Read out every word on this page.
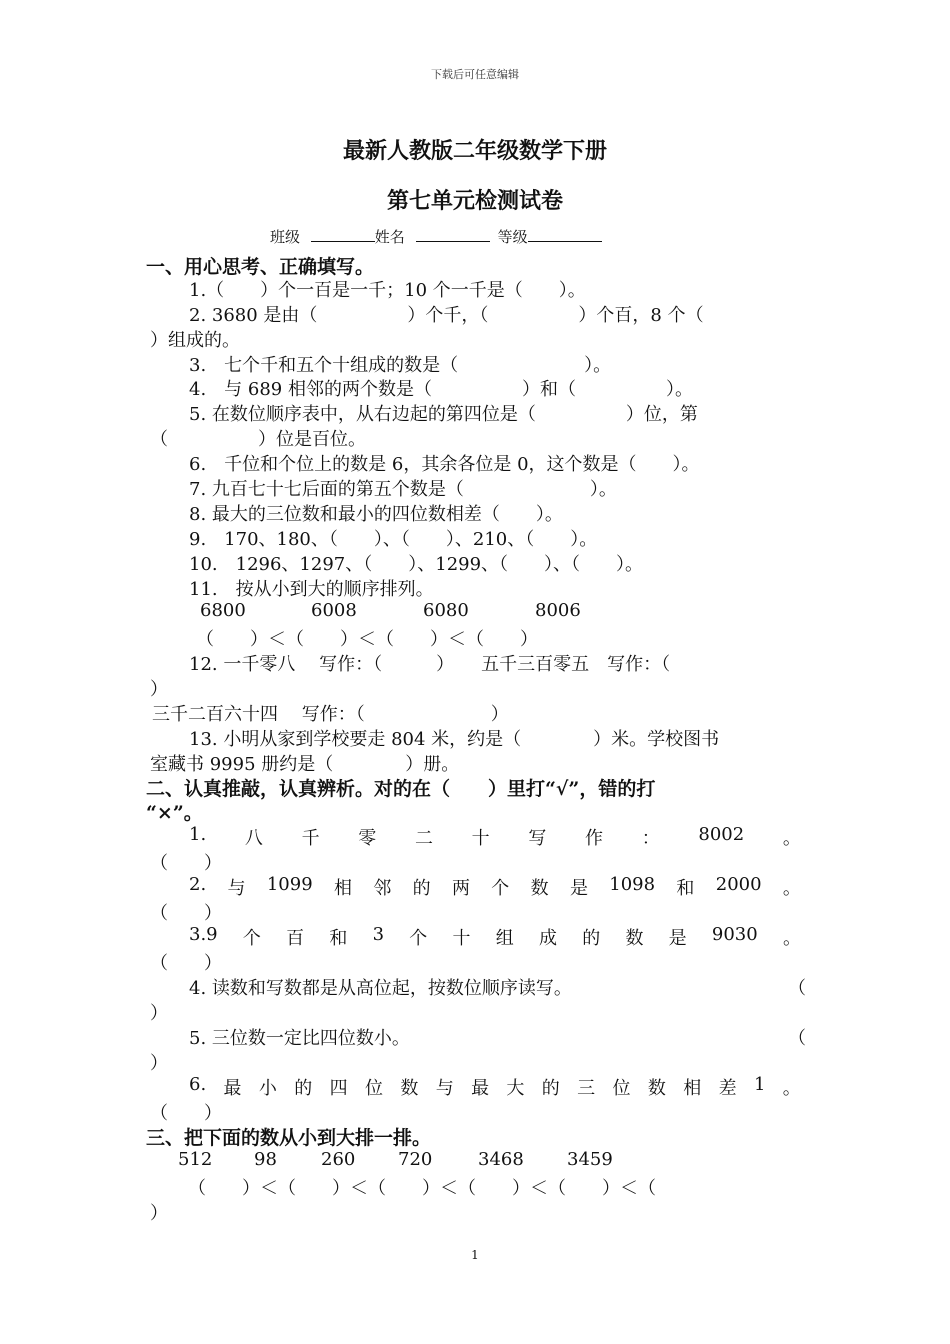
下载后可任意编辑
最新人教版二年级数学下册
第七单元检测试卷
班级	姓名	等级
一、用心思考、正确填写。
1.（　　）个一百是一千；10 个一千是（　　）。
2. 3680 是由（　　　　　）个千，（　　　　　）个百，8 个（
）组成的。
3.　七个千和五个十组成的数是（　　　　　　　）。
4.　与 689 相邻的两个数是（　　　　　）和（　　　　　）。
5. 在数位顺序表中，从右边起的第四位是（　　　　　）位，第
（　　　　　）位是百位。
6.　千位和个位上的数是 6，其余各位是 0，这个数是（　　）。
7. 九百七十七后面的第五个数是（　　　　　　　）。
8. 最大的三位数和最小的四位数相差（　　）。
9.　170、180、（　　）、（　　）、210、（　　）。
10.　1296、1297、（　　）、1299、（　　）、（　　）。
11.　按从小到大的顺序排列。
6800	6008	6080	8006
（　　）＜（　　）＜（　　）＜（　　）
12. 一千零八　 写作：（　　　）　　五千三百零五　写作：（
）
三千二百六十四　 写作：（　　　　　　　）
13. 小明从家到学校要走 804 米，约是（　　　　）米。学校图书
室藏书 9995 册约是（　　　　）册。
二、认真推敲，认真辨析。对的在（　　）里打“√”，错的打
“×”。
1. 八 千 零 二 十 写 作 ： 8002 。
（　　）
2. 与 1099 相 邻 的 两 个 数 是 1098 和 2000 。
（　　）
3.9 个 百 和 3 个 十 组 成 的 数 是 9030 。
（　　）
4. 读数和写数都是从高位起，按数位顺序读写。	（
）
5. 三位数一定比四位数小。	（
）
6. 最 小 的 四 位 数 与 最 大 的 三 位 数 相 差 1 。
（　　）
三、把下面的数从小到大排一排。
512 98 260 720	3468 3459
（　　）＜（　　）＜（　　）＜（　　）＜（　　）＜（
）
1
